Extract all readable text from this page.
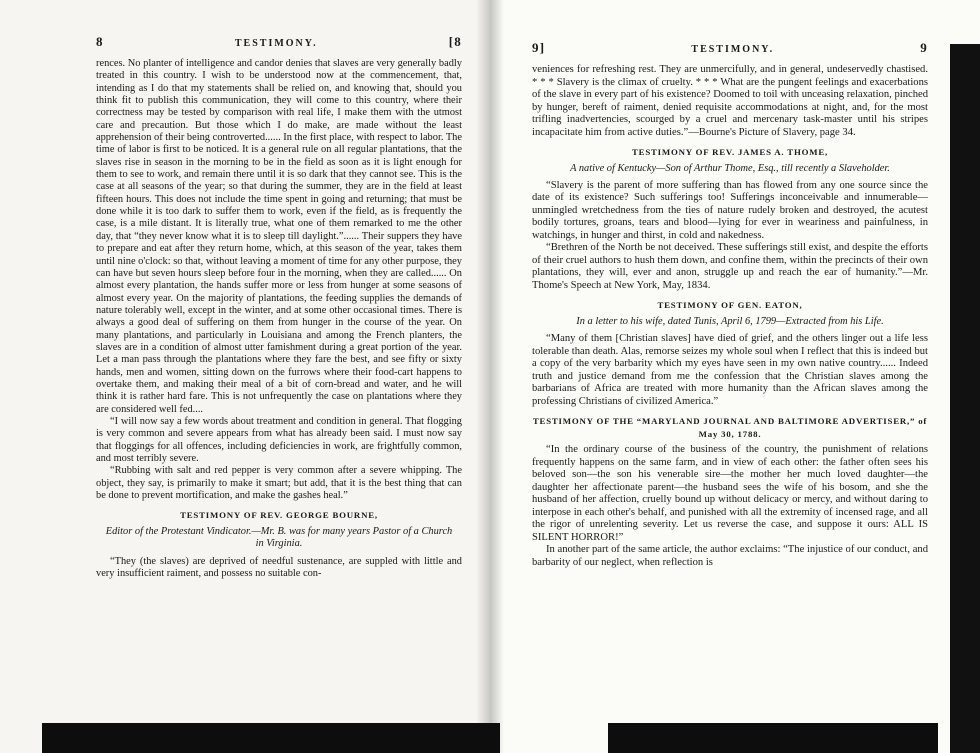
8	TESTIMONY.	[8

rences. No planter of intelligence and candor denies that slaves are very generally badly treated in this country. I wish to be understood now at the commencement, that, intending as I do that my statements shall be relied on, and knowing that, should you think fit to publish this communication, they will come to this country, where their correctness may be tested by comparison with real life, I make them with the utmost care and precaution. But those which I do make, are made without the least apprehension of their being controverted...... In the first place, with respect to labor. The time of labor is first to be noticed. It is a general rule on all regular plantations, that the slaves rise in season in the morning to be in the field as soon as it is light enough for them to see to work, and remain there until it is so dark that they cannot see. This is the case at all seasons of the year; so that during the summer, they are in the field at least fifteen hours. This does not include the time spent in going and returning; that must be done while it is too dark to suffer them to work, even if the field, as is frequently the case, is a mile distant. It is literally true, what one of them remarked to me the other day, that “they never know what it is to sleep till daylight.”...... Their suppers they have to prepare and eat after they return home, which, at this season of the year, takes them until nine o'clock: so that, without leaving a moment of time for any other purpose, they can have but seven hours sleep before four in the morning, when they are called...... On almost every plantation, the hands suffer more or less from hunger at some seasons of almost every year. On the majority of plantations, the feeding supplies the demands of nature tolerably well, except in the winter, and at some other occasional times. There is always a good deal of suffering on them from hunger in the course of the year. On many plantations, and particularly in Louisiana and among the French planters, the slaves are in a condition of almost utter famishment during a great portion of the year. Let a man pass through the plantations where they fare the best, and see fifty or sixty hands, men and women, sitting down on the furrows where their food-cart happens to overtake them, and making their meal of a bit of corn-bread and water, and he will think it is rather hard fare. This is not unfrequently the case on plantations where they are considered well fed....

“I will now say a few words about treatment and condition in general. That flogging is very common and severe appears from what has already been said. I must now say that floggings for all offences, including deficiencies in work, are frightfully common, and most terribly severe.

“Rubbing with salt and red pepper is very common after a severe whipping. The object, they say, is primarily to make it smart; but add, that it is the best thing that can be done to prevent mortification, and make the gashes heal.”

TESTIMONY OF REV. GEORGE BOURNE,
Editor of the Protestant Vindicator.—Mr. B. was for many years Pastor of a Church in Virginia.

“They (the slaves) are deprived of needful sustenance, are suppled with little and very insufficient raiment, and possess no suitable con-

9]	TESTIMONY.	9

veniences for refreshing rest. They are unmercifully, and in general, undeservedly chastised. * * * Slavery is the climax of cruelty. * * * What are the pungent feelings and exacerbations of the slave in every part of his existence? Doomed to toil with unceasing relaxation, pinched by hunger, bereft of raiment, denied requisite accommodations at night, and, for the most trifling inadvertencies, scourged by a cruel and mercenary task-master until his stripes incapacitate him from active duties.”—Bourne's Picture of Slavery, page 34.

TESTIMONY OF REV. JAMES A. THOME,
A native of Kentucky—Son of Arthur Thome, Esq., till recently a Slaveholder.

“Slavery is the parent of more suffering than has flowed from any one source since the date of its existence? Such sufferings too! Sufferings inconceivable and innumerable—unmingled wretchedness from the ties of nature rudely broken and destroyed, the acutest bodily tortures, groans, tears and blood—lying for ever in weariness and painfulness, in watchings, in hunger and thirst, in cold and nakedness.

“Brethren of the North be not deceived. These sufferings still exist, and despite the efforts of their cruel authors to hush them down, and confine them, within the precincts of their own plantations, they will, ever and anon, struggle up and reach the ear of humanity.”—Mr. Thome's Speech at New York, May, 1834.

TESTIMONY OF GEN. EATON,
In a letter to his wife, dated Tunis, April 6, 1799—Extracted from his Life.

“Many of them [Christian slaves] have died of grief, and the others linger out a life less tolerable than death. Alas, remorse seizes my whole soul when I reflect that this is indeed but a copy of the very barbarity which my eyes have seen in my own native country...... Indeed truth and justice demand from me the confession that the Christian slaves among the barbarians of Africa are treated with more humanity than the African slaves among the professing Christians of civilized America.”

TESTIMONY OF THE “MARYLAND JOURNAL AND BALTIMORE ADVERTISER,” of May 30, 1788.

“In the ordinary course of the business of the country, the punishment of relations frequently happens on the same farm, and in view of each other: the father often sees his beloved son—the son his venerable sire—the mother her much loved daughter—the daughter her affectionate parent—the husband sees the wife of his bosom, and she the husband of her affection, cruelly bound up without delicacy or mercy, and without daring to interpose in each other's behalf, and punished with all the extremity of incensed rage, and all the rigor of unrelenting severity. Let us reverse the case, and suppose it ours: ALL IS SILENT HORROR!”

In another part of the same article, the author exclaims: “The injustice of our conduct, and barbarity of our neglect, when reflection is
